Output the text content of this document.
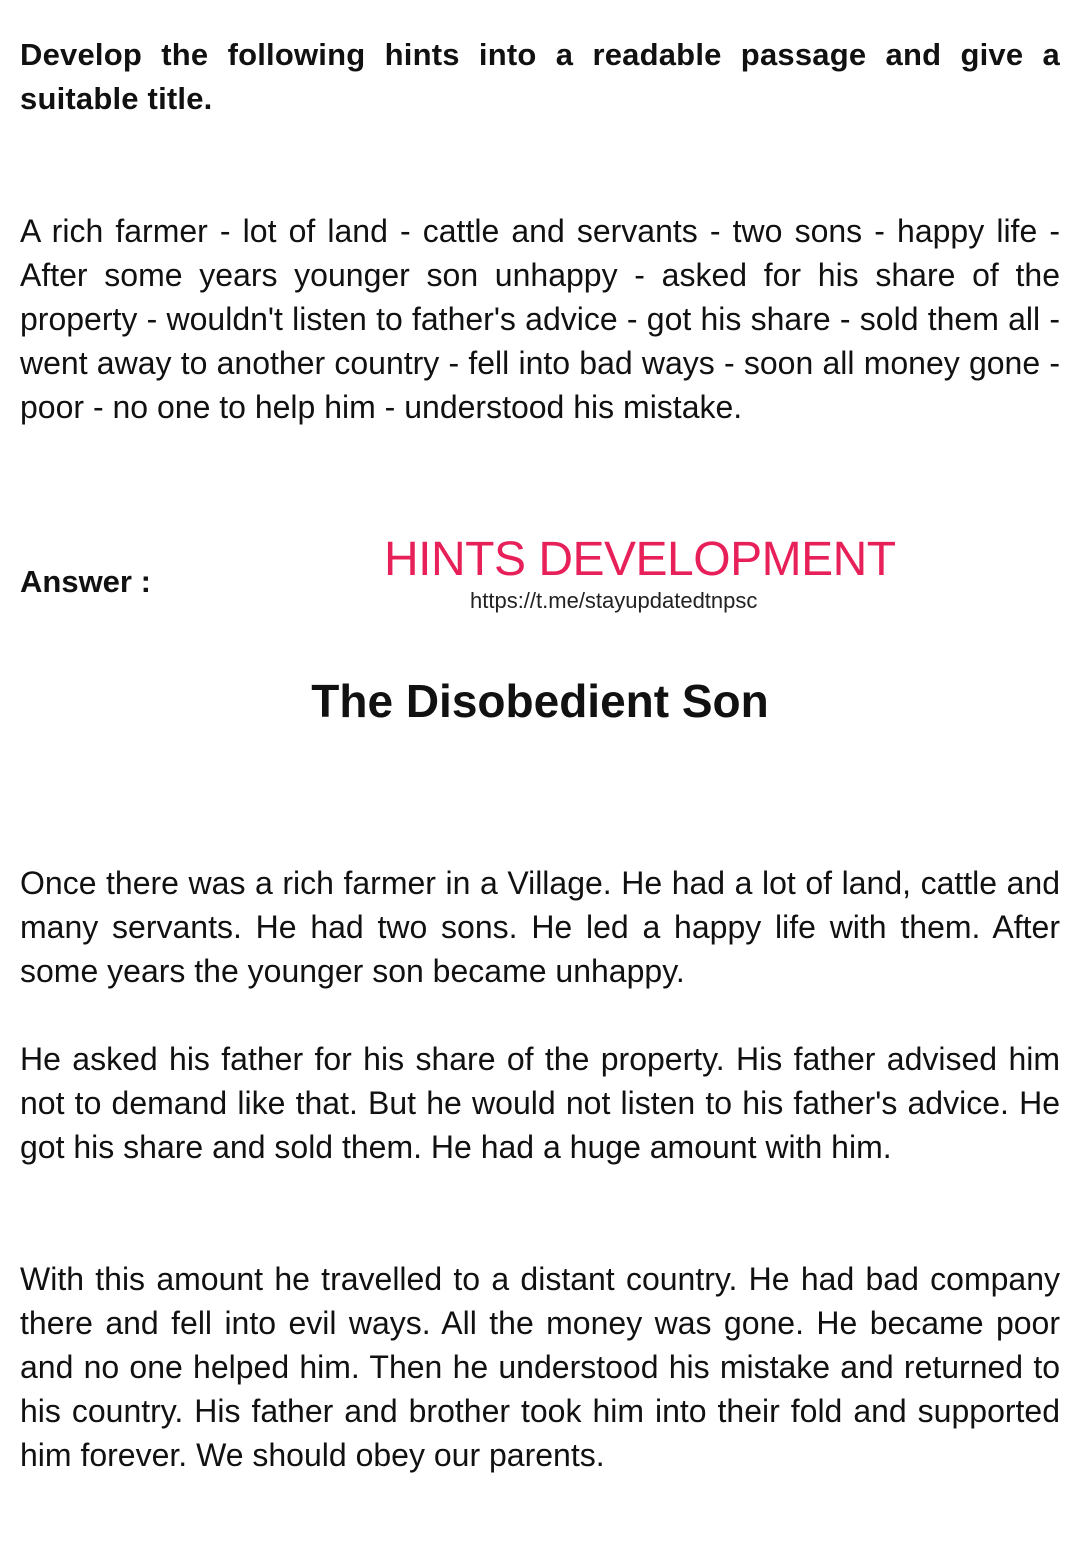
Develop the following hints into a readable passage and give a suitable title.
A rich farmer - lot of land - cattle and servants - two sons - happy life - After some years younger son unhappy - asked for his share of the property - wouldn't listen to father's advice - got his share - sold them all - went away to another country - fell into bad ways - soon all money gone - poor - no one to help him - understood his mistake.
Answer :	HINTS DEVELOPMENT
https://t.me/stayupdatedtnpsc
The Disobedient Son

Once there was a rich farmer in a Village. He had a lot of land, cattle and many servants. He had two sons. He led a happy life with them. After some years the younger son became unhappy.

He asked his father for his share of the property. His father advised him not to demand like that. But he would not listen to his father's advice. He got his share and sold them. He had a huge amount with him.

With this amount he travelled to a distant country. He had bad company there and fell into evil ways. All the money was gone. He became poor and no one helped him. Then he understood his mistake and returned to his country. His father and brother took him into their fold and supported him forever. We should obey our parents.
